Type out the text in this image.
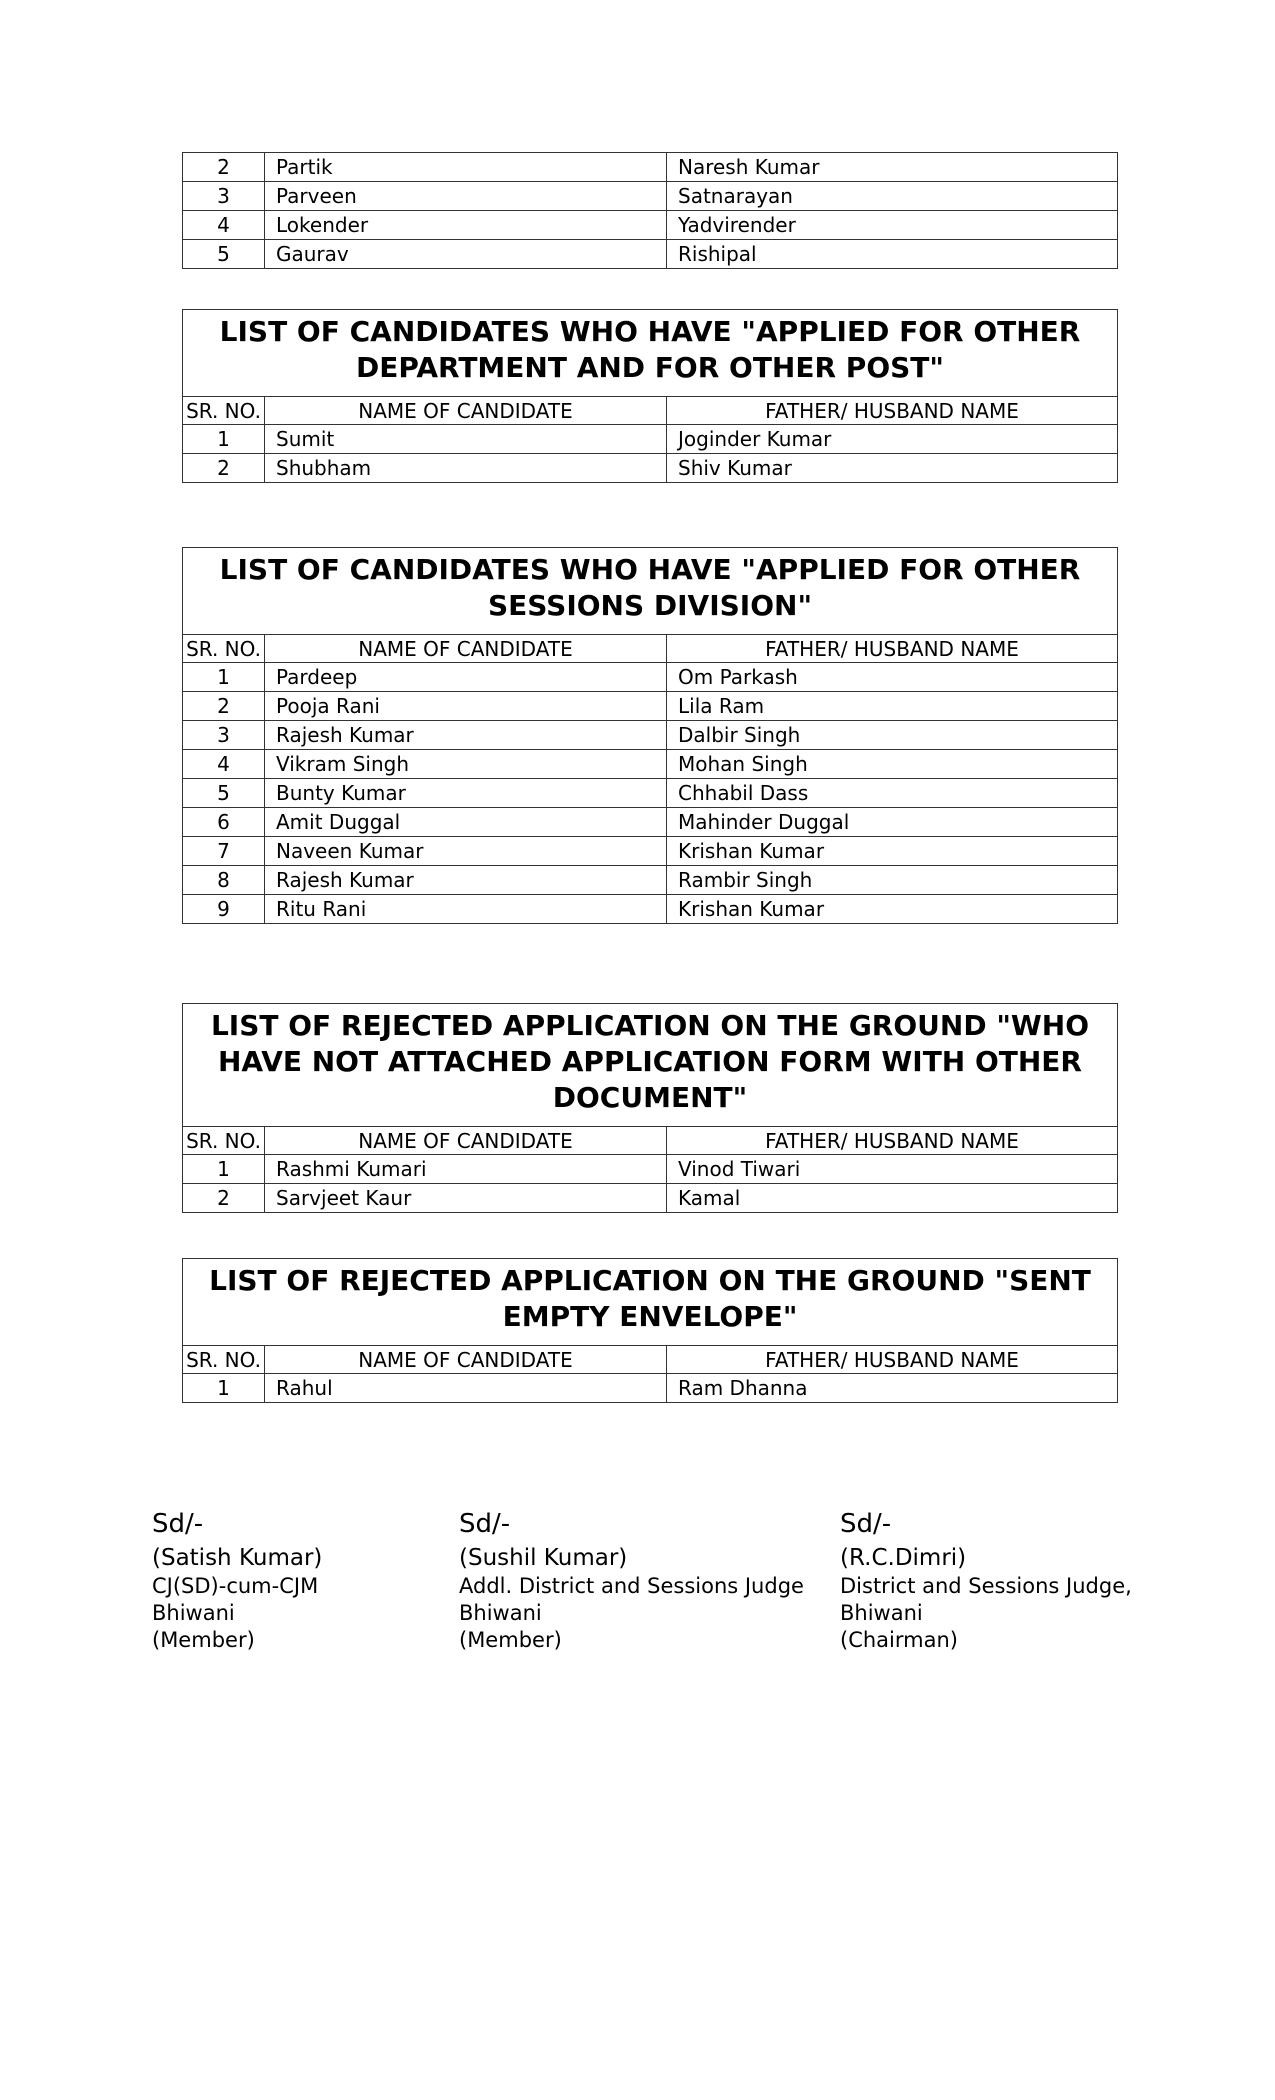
2	Partik	Naresh Kumar
3	Parveen	Satnarayan
4	Lokender	Yadvirender
5	Gaurav	Rishipal
LIST OF CANDIDATES WHO HAVE "APPLIED FOR OTHER DEPARTMENT AND FOR OTHER POST"		
SR. NO.	NAME OF CANDIDATE	FATHER/ HUSBAND NAME
1	Sumit	Joginder Kumar
2	Shubham	Shiv Kumar
LIST OF CANDIDATES WHO HAVE "APPLIED FOR OTHER SESSIONS DIVISION"		
SR. NO.	NAME OF CANDIDATE	FATHER/ HUSBAND NAME
1	Pardeep	Om Parkash
2	Pooja Rani	Lila Ram
3	Rajesh Kumar	Dalbir Singh
4	Vikram Singh	Mohan Singh
5	Bunty Kumar	Chhabil Dass
6	Amit Duggal	Mahinder Duggal
7	Naveen Kumar	Krishan Kumar
8	Rajesh Kumar	Rambir Singh
9	Ritu Rani	Krishan Kumar
LIST OF REJECTED APPLICATION ON THE GROUND "WHO HAVE NOT ATTACHED APPLICATION FORM WITH OTHER DOCUMENT"		
SR. NO.	NAME OF CANDIDATE	FATHER/ HUSBAND NAME
1	Rashmi Kumari	Vinod Tiwari
2	Sarvjeet Kaur	Kamal
LIST OF REJECTED APPLICATION ON THE GROUND "SENT EMPTY ENVELOPE"		
SR. NO.	NAME OF CANDIDATE	FATHER/ HUSBAND NAME
1	Rahul	Ram Dhanna
Sd/-
(Satish Kumar)
CJ(SD)-cum-CJM
Bhiwani
(Member)
Sd/-
(Sushil Kumar)
Addl. District and Sessions Judge
Bhiwani
(Member)
Sd/-
(R.C.Dimri)
District and Sessions Judge,
Bhiwani
(Chairman)
